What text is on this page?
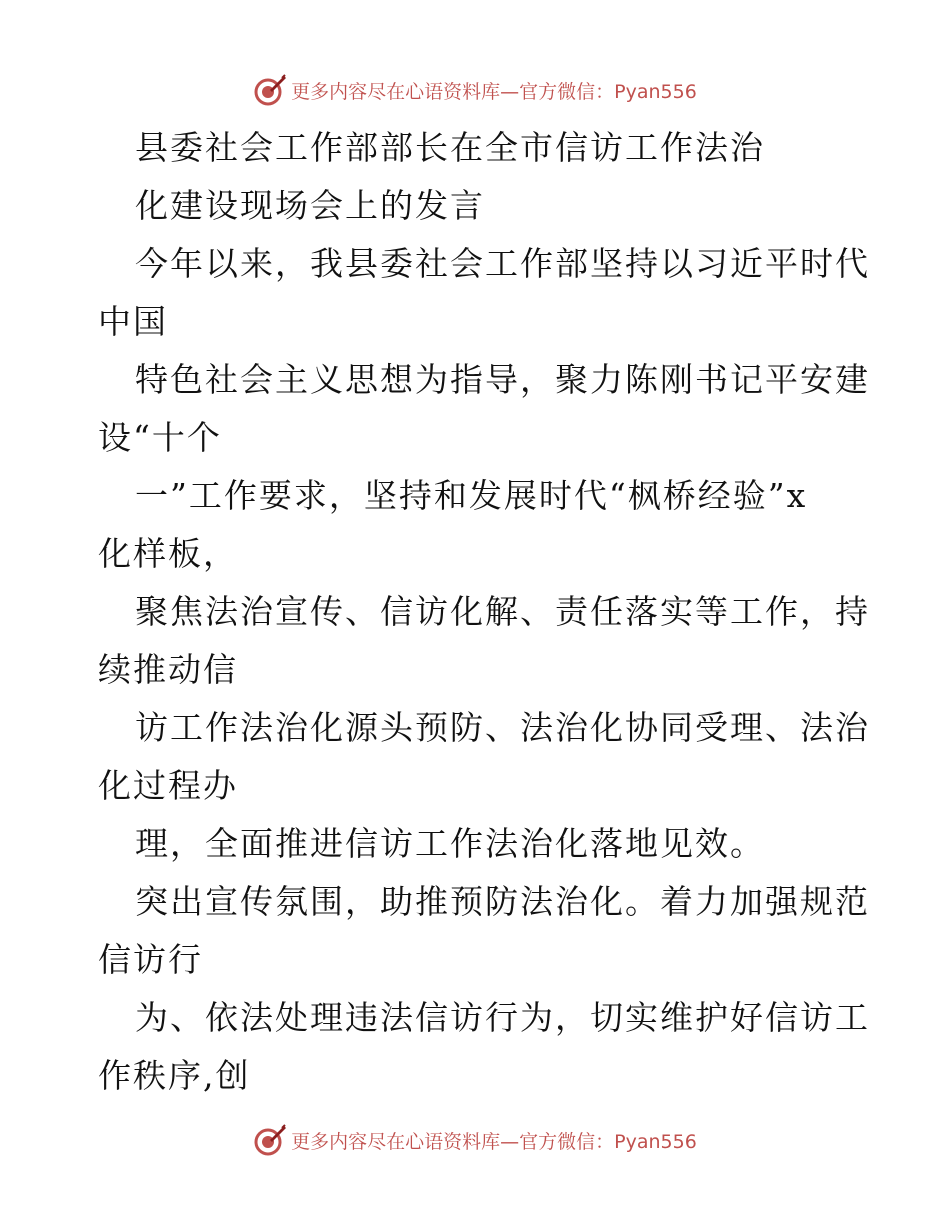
更多内容尽在心语资料库—官方微信：Pyan556
县委社会工作部部长在全市信访工作法治
化建设现场会上的发言
今年以来，我县委社会工作部坚持以习近平时代
中国
特色社会主义思想为指导，聚力陈刚书记平安建
设“十个
一”工作要求，坚持和发展时代“枫桥经验”x
化样板，
聚焦法治宣传、信访化解、责任落实等工作，持
续推动信
访工作法治化源头预防、法治化协同受理、法治
化过程办
理，全面推进信访工作法治化落地见效。
突出宣传氛围，助推预防法治化。着力加强规范
信访行
为、依法处理违法信访行为，切实维护好信访工
作秩序,创
更多内容尽在心语资料库—官方微信：Pyan556
